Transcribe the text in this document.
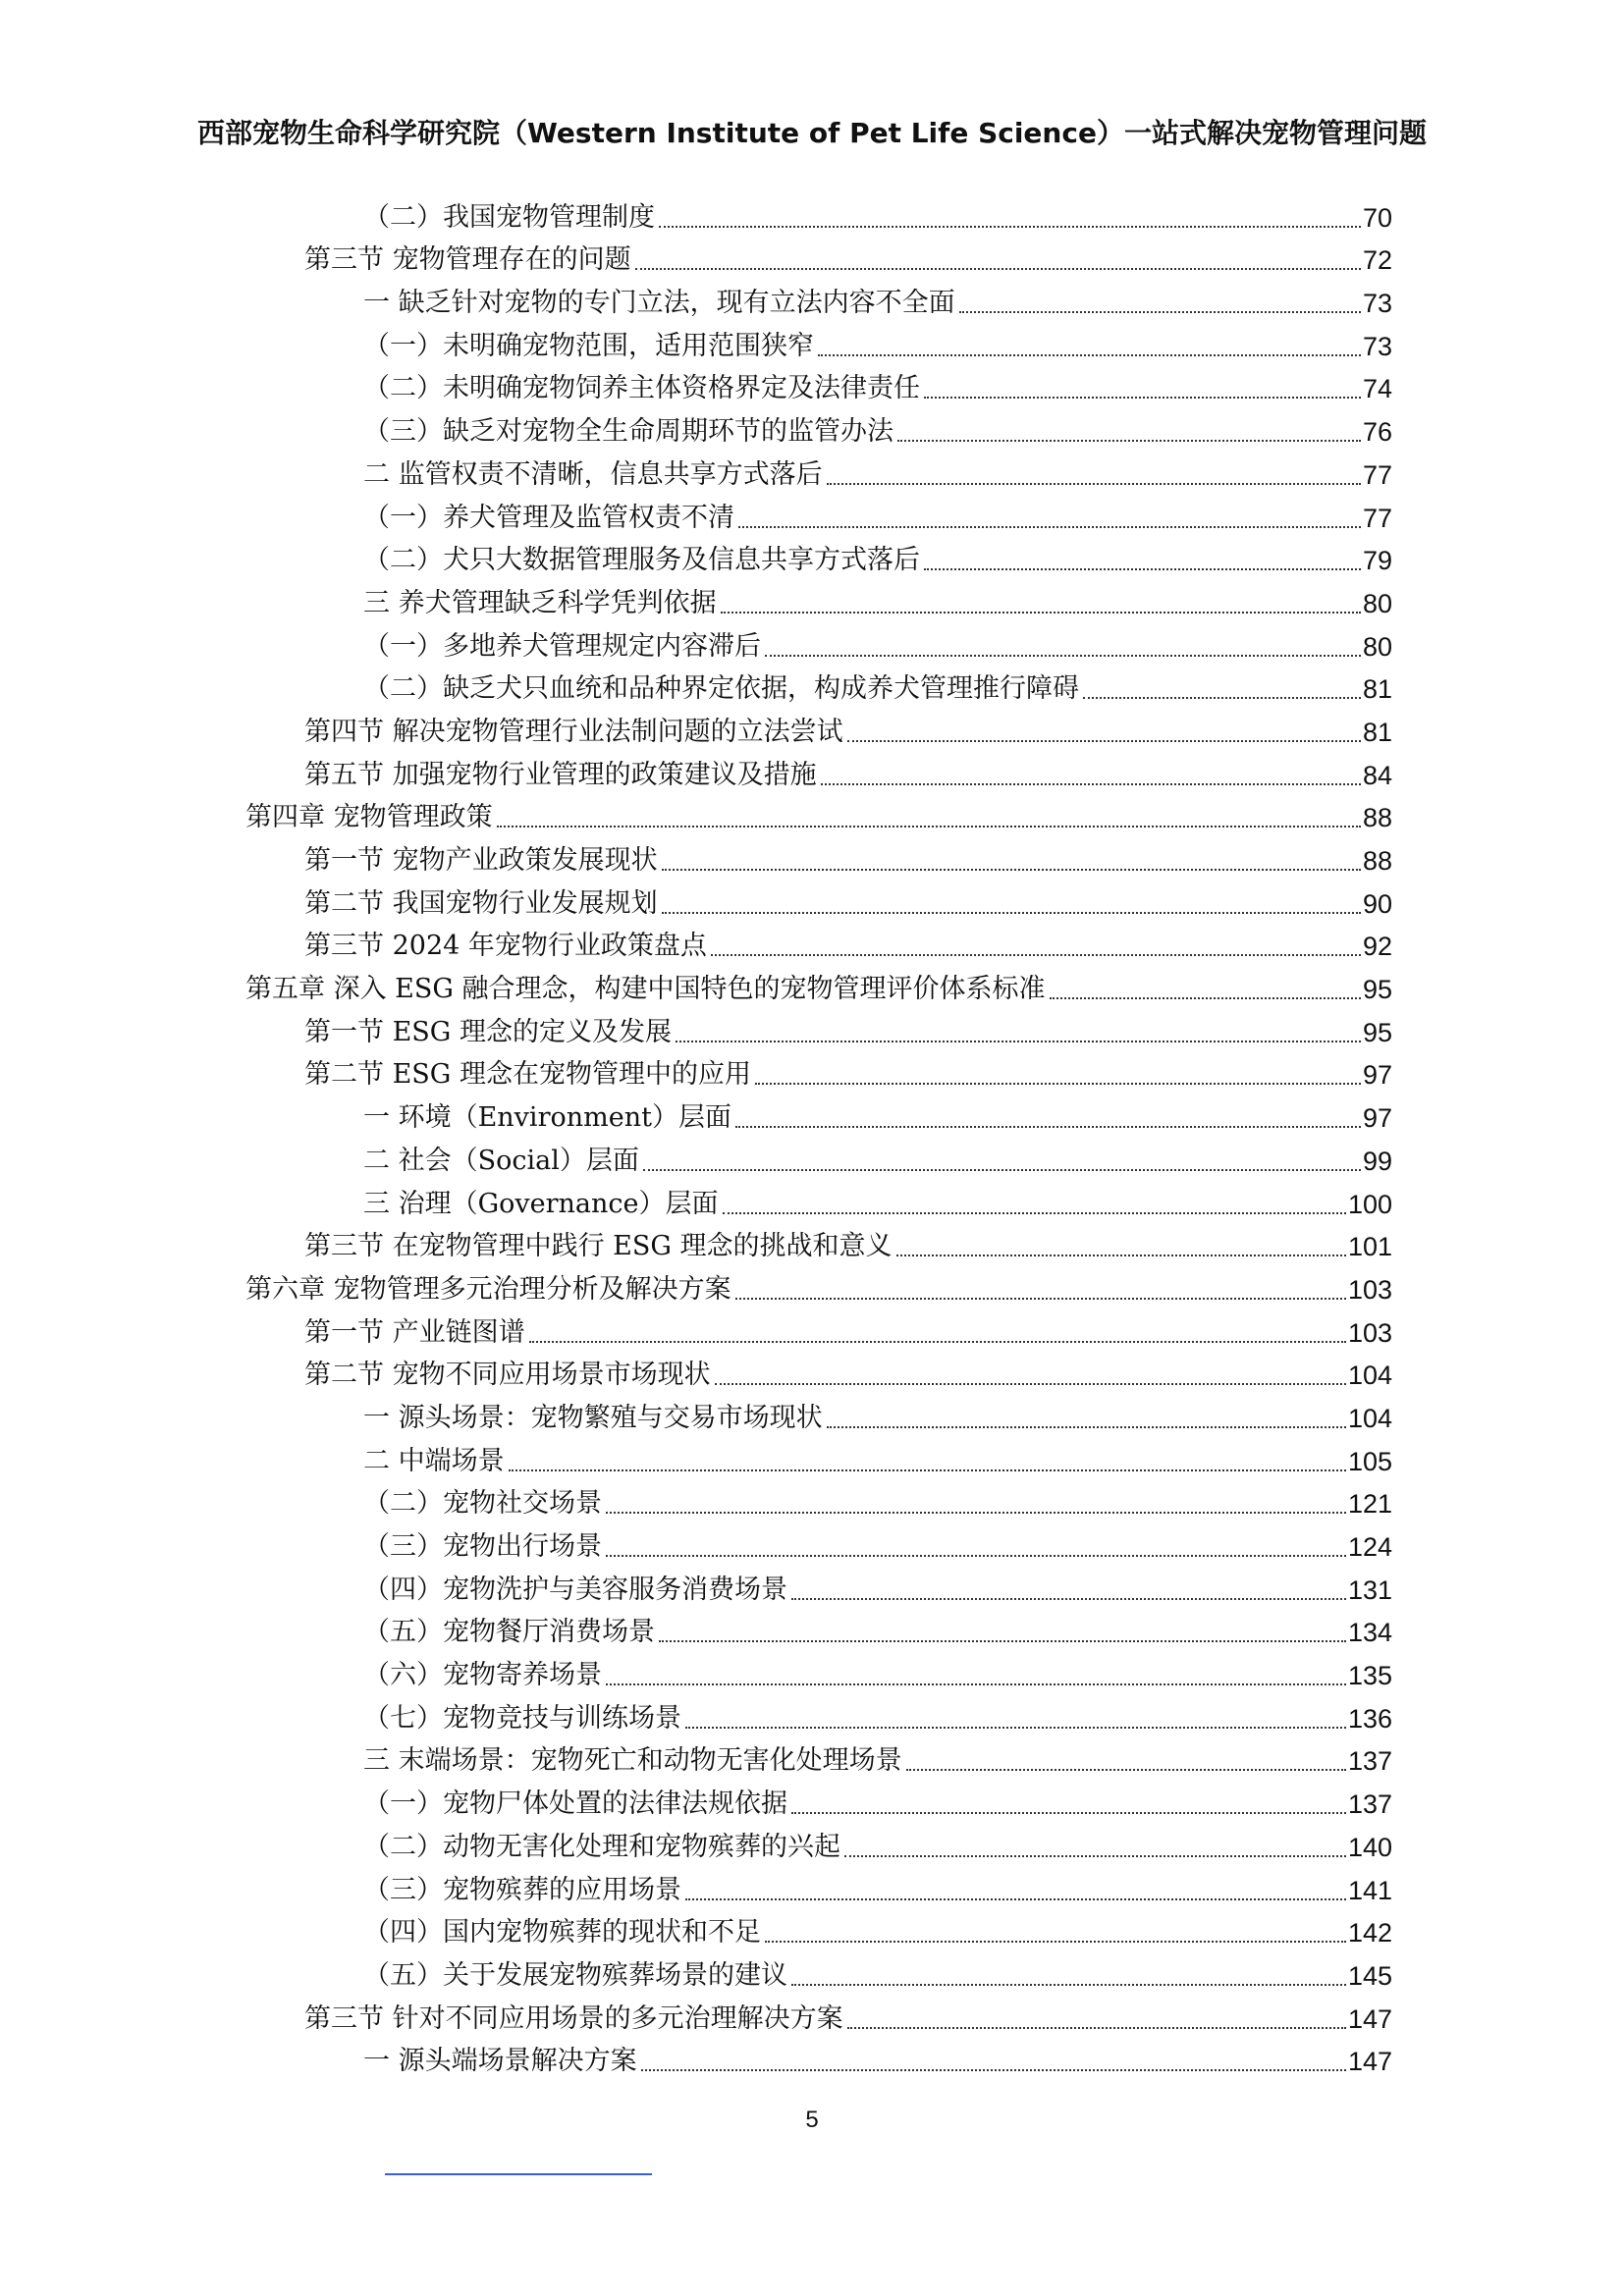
西部宠物生命科学研究院（Western Institute of Pet Life Science）一站式解决宠物管理问题
（二）我国宠物管理制度	70
第三节 宠物管理存在的问题	72
一 缺乏针对宠物的专门立法，现有立法内容不全面	73
（一）未明确宠物范围，适用范围狭窄	73
（二）未明确宠物饲养主体资格界定及法律责任	74
（三）缺乏对宠物全生命周期环节的监管办法	76
二 监管权责不清晰，信息共享方式落后	77
（一）养犬管理及监管权责不清	77
（二）犬只大数据管理服务及信息共享方式落后	79
三 养犬管理缺乏科学凭判依据	80
（一）多地养犬管理规定内容滞后	80
（二）缺乏犬只血统和品种界定依据，构成养犬管理推行障碍	81
第四节 解决宠物管理行业法制问题的立法尝试	81
第五节 加强宠物行业管理的政策建议及措施	84
第四章 宠物管理政策	88
第一节 宠物产业政策发展现状	88
第二节 我国宠物行业发展规划	90
第三节 2024 年宠物行业政策盘点	92
第五章 深入 ESG 融合理念，构建中国特色的宠物管理评价体系标准	95
第一节 ESG 理念的定义及发展	95
第二节 ESG 理念在宠物管理中的应用	97
一 环境（Environment）层面	97
二 社会（Social）层面	99
三 治理（Governance）层面	100
第三节 在宠物管理中践行 ESG 理念的挑战和意义	101
第六章 宠物管理多元治理分析及解决方案	103
第一节 产业链图谱	103
第二节 宠物不同应用场景市场现状	104
一 源头场景：宠物繁殖与交易市场现状	104
二 中端场景	105
（二）宠物社交场景	121
（三）宠物出行场景	124
（四）宠物洗护与美容服务消费场景	131
（五）宠物餐厅消费场景	134
（六）宠物寄养场景	135
（七）宠物竞技与训练场景	136
三 末端场景：宠物死亡和动物无害化处理场景	137
（一）宠物尸体处置的法律法规依据	137
（二）动物无害化处理和宠物殡葬的兴起	140
（三）宠物殡葬的应用场景	141
（四）国内宠物殡葬的现状和不足	142
（五）关于发展宠物殡葬场景的建议	145
第三节 针对不同应用场景的多元治理解决方案	147
一 源头端场景解决方案	147
5
